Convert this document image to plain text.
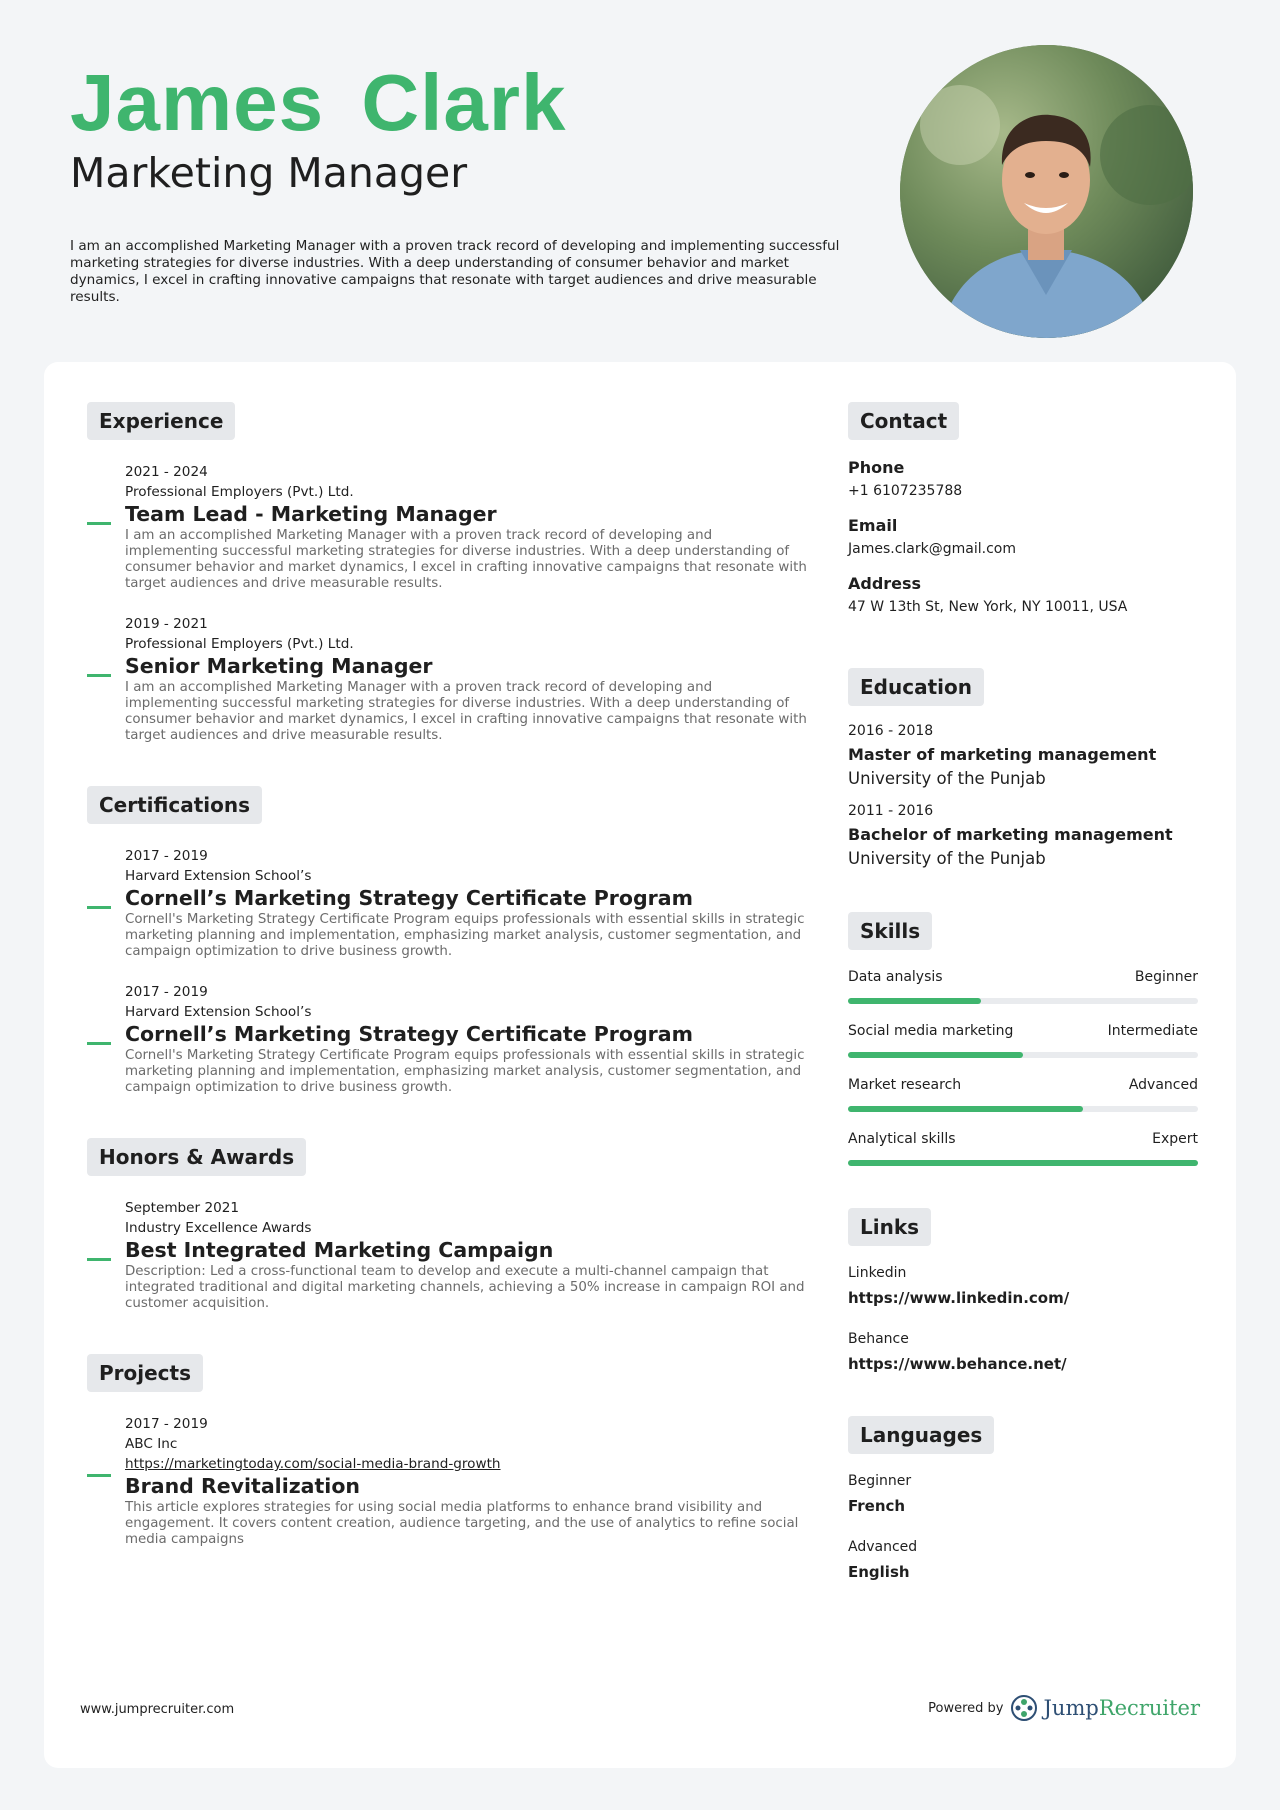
James Clark
Marketing Manager
I am an accomplished Marketing Manager with a proven track record of developing and implementing successful marketing strategies for diverse industries. With a deep understanding of consumer behavior and market dynamics, I excel in crafting innovative campaigns that resonate with target audiences and drive measurable results.
Experience
2021 - 2024
Professional Employers (Pvt.) Ltd.
Team Lead - Marketing Manager
I am an accomplished Marketing Manager with a proven track record of developing and implementing successful marketing strategies for diverse industries. With a deep understanding of consumer behavior and market dynamics, I excel in crafting innovative campaigns that resonate with target audiences and drive measurable results.
2019 - 2021
Professional Employers (Pvt.) Ltd.
Senior Marketing Manager
I am an accomplished Marketing Manager with a proven track record of developing and implementing successful marketing strategies for diverse industries. With a deep understanding of consumer behavior and market dynamics, I excel in crafting innovative campaigns that resonate with target audiences and drive measurable results.
Certifications
2017 - 2019
Harvard Extension School’s
Cornell’s Marketing Strategy Certificate Program
Cornell's Marketing Strategy Certificate Program equips professionals with essential skills in strategic marketing planning and implementation, emphasizing market analysis, customer segmentation, and campaign optimization to drive business growth.
2017 - 2019
Harvard Extension School’s
Cornell’s Marketing Strategy Certificate Program
Cornell's Marketing Strategy Certificate Program equips professionals with essential skills in strategic marketing planning and implementation, emphasizing market analysis, customer segmentation, and campaign optimization to drive business growth.
Honors & Awards
September 2021
Industry Excellence Awards
Best Integrated Marketing Campaign
Description: Led a cross-functional team to develop and execute a multi-channel campaign that integrated traditional and digital marketing channels, achieving a 50% increase in campaign ROI and customer acquisition.
Projects
2017 - 2019
ABC Inc
https://marketingtoday.com/social-media-brand-growth
Brand Revitalization
This article explores strategies for using social media platforms to enhance brand visibility and engagement. It covers content creation, audience targeting, and the use of analytics to refine social media campaigns
Contact
Phone
+1 6107235788
Email
James.clark@gmail.com
Address
47 W 13th St, New York, NY 10011, USA
Education
2016 - 2018
Master of marketing management
University of the Punjab
2011 - 2016
Bachelor of marketing management
University of the Punjab
Skills
Data analysis	Beginner
Social media marketing	Intermediate
Market research	Advanced
Analytical skills	Expert
Links
Linkedin
https://www.linkedin.com/
Behance
https://www.behance.net/
Languages
Beginner
French
Advanced
English
www.jumprecruiter.com	Powered by JumpRecruiter
